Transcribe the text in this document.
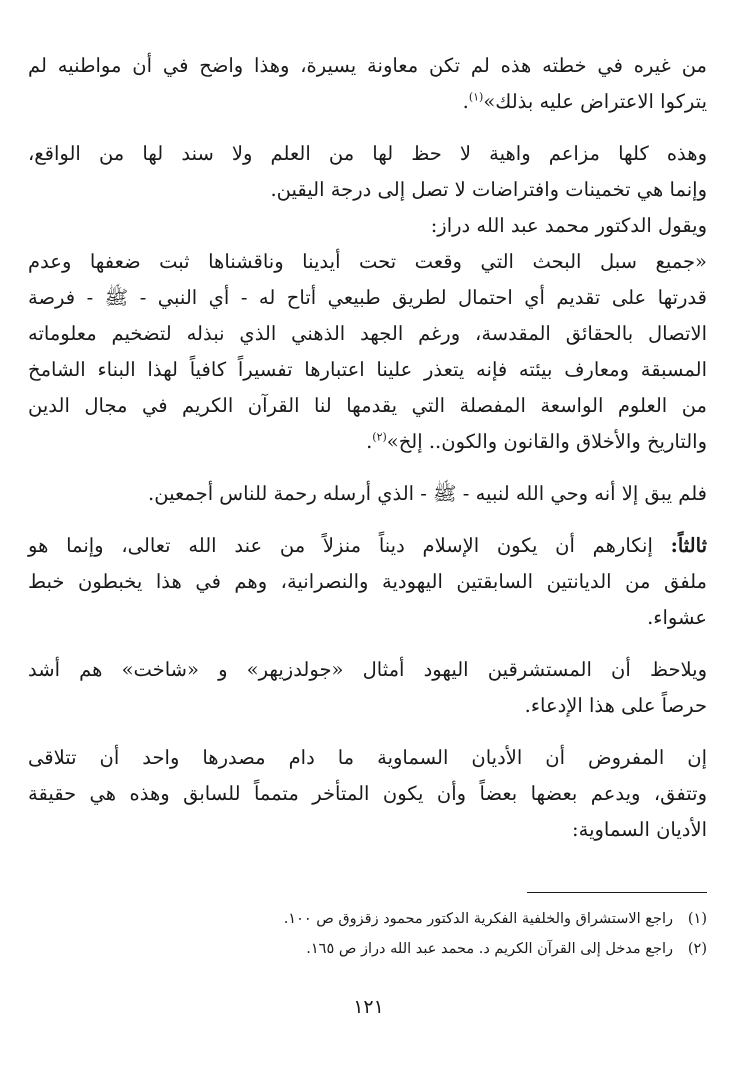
من غيره في خطته هذه لم تكن معاونة يسيرة، وهذا واضح في أن مواطنيه لم
يتركوا الاعتراض عليه بذلك»$^{(١)}$.
وهذه كلها مزاعم واهية لا حظ لها من العلم ولا سند لها من الواقع،
وإنما هي تخمينات وافتراضات لا تصل إلى درجة اليقين.
ويقول الدكتور محمد عبد الله دراز:
«جميع سبل البحث التي وقعت تحت أيدينا وناقشناها ثبت ضعفها وعدم
قدرتها على تقديم أي احتمال لطريق طبيعي أتاح له - أي النبي - ﷺ - فرصة
الاتصال بالحقائق المقدسة، ورغم الجهد الذهني الذي نبذله لتضخيم معلوماته
المسبقة ومعارف بيئته فإنه يتعذر علينا اعتبارها تفسيراً كافياً لهذا البناء الشامخ
من العلوم الواسعة المفصلة التي يقدمها لنا القرآن الكريم في مجال الدين
والتاريخ والأخلاق والقانون والكون.. إلخ»$^{(٢)}$.
فلم يبق إلا أنه وحي الله لنبيه - ﷺ - الذي أرسله رحمة للناس أجمعين.
ثالثاً: إنكارهم أن يكون الإسلام ديناً منزلاً من عند الله تعالى، وإنما هو
ملفق من الديانتين السابقتين اليهودية والنصرانية، وهم في هذا يخبطون خبط
عشواء.
ويلاحظ أن المستشرقين اليهود أمثال «جولدزيهر» و «شاخت» هم أشد
حرصاً على هذا الإدعاء.
إن المفروض أن الأديان السماوية ما دام مصدرها واحد أن تتلاقى
وتتفق، ويدعم بعضها بعضاً وأن يكون المتأخر متمماً للسابق وهذه هي حقيقة
الأديان السماوية:
(١)راجع الاستشراق والخلفية الفكرية الدكتور محمود زقزوق ص ١٠٠.
(٢)راجع مدخل إلى القرآن الكريم د. محمد عبد الله دراز ص ١٦٥.
١٢١
